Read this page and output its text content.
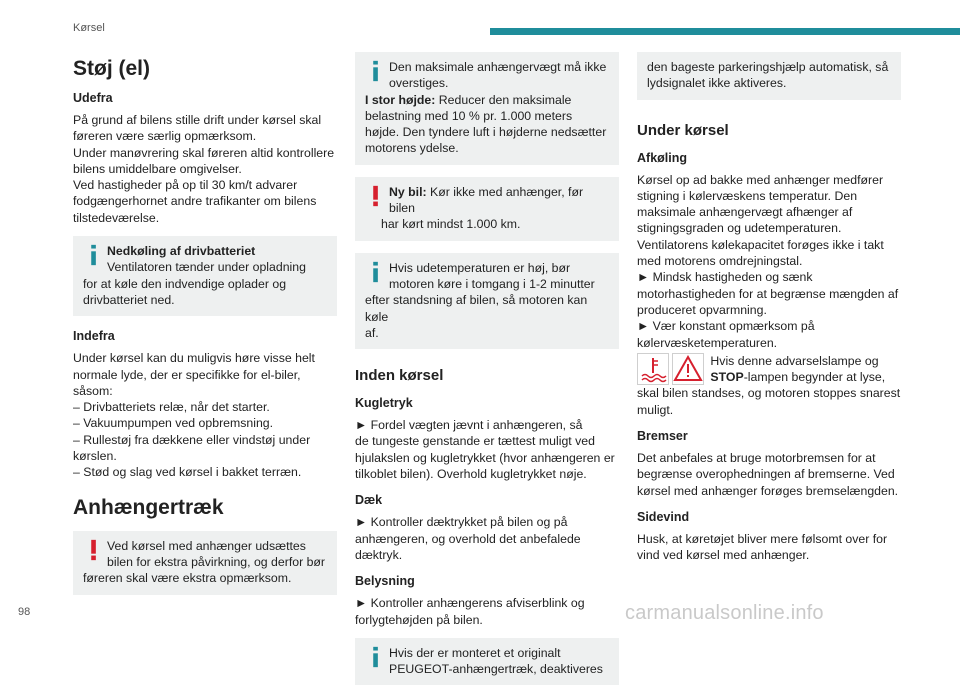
Kørsel
Støj (el)
Udefra

På grund af bilens stille drift under kørsel skal
føreren være særlig opmærksom.
Under manøvrering skal føreren altid kontrollere
bilens umiddelbare omgivelser.
Ved hastigheder på op til 30 km/t advarer
fodgængerhornet andre trafikanter om bilens
tilstedeværelse.

Nedkøling af drivbatteriet
Ventilatoren tænder under opladning
for at køle den indvendige oplader og
drivbatteriet ned.
Indefra

Under kørsel kan du muligvis høre visse helt
normale lyde, der er specifikke for el-biler,
såsom:
– Drivbatteriets relæ, når det starter.
– Vakuumpumpen ved opbremsning.
– Rullestøj fra dækkene eller vindstøj under
kørslen.
– Stød og slag ved kørsel i bakket terræn.

Anhængertræk
Ved kørsel med anhænger udsættes
bilen for ekstra påvirkning, og derfor bør
føreren skal være ekstra opmærksom.
Den maksimale anhængervægt må ikke
overstiges.
I stor højde: Reducer den maksimale
belastning med 10 % pr. 1.000 meters
højde. Den tyndere luft i højderne nedsætter
motorens ydelse.
Ny bil: Kør ikke med anhænger, før bilen
har kørt mindst 1.000 km.
Hvis udetemperaturen er høj, bør
motoren køre i tomgang i 1-2 minutter
efter standsning af bilen, så motoren kan køle
af.
Inden kørsel
Kugletryk

► Fordel vægten jævnt i anhængeren, så
de tungeste genstande er tættest muligt ved
hjulakslen og kugletrykket (hvor anhængeren er
tilkoblet bilen). Overhold kugletrykket nøje.

Dæk

► Kontroller dæktrykket på bilen og på
anhængeren, og overhold det anbefalede
dæktryk.

Belysning

► Kontroller anhængerens afviserblink og
forlygtehøjden på bilen.

Hvis der er monteret et originalt
PEUGEOT-anhængertræk, deaktiveres
den bageste parkeringshjælp automatisk, så
lydsignalet ikke aktiveres.
Under kørsel
Afkøling

Kørsel op ad bakke med anhænger medfører
stigning i kølervæskens temperatur. Den
maksimale anhængervægt afhænger af
stigningsgraden og udetemperaturen.
Ventilatorens kølekapacitet forøges ikke i takt
med motorens omdrejningstal.
► Mindsk hastigheden og sænk
motorhastigheden for at begrænse mængden af
produceret opvarmning.
► Vær konstant opmærksom på
kølervæsketemperaturen.

Hvis denne advarselslampe og
STOP-lampen begynder at lyse,
skal bilen standses, og motoren stoppes snarest
muligt.
Bremser

Det anbefales at bruge motorbremsen for at
begrænse overophedningen af bremserne. Ved
kørsel med anhænger forøges bremselængden.

Sidevind

Husk, at køretøjet bliver mere følsomt over for
vind ved kørsel med anhænger.

98	carmanualsonline.info
